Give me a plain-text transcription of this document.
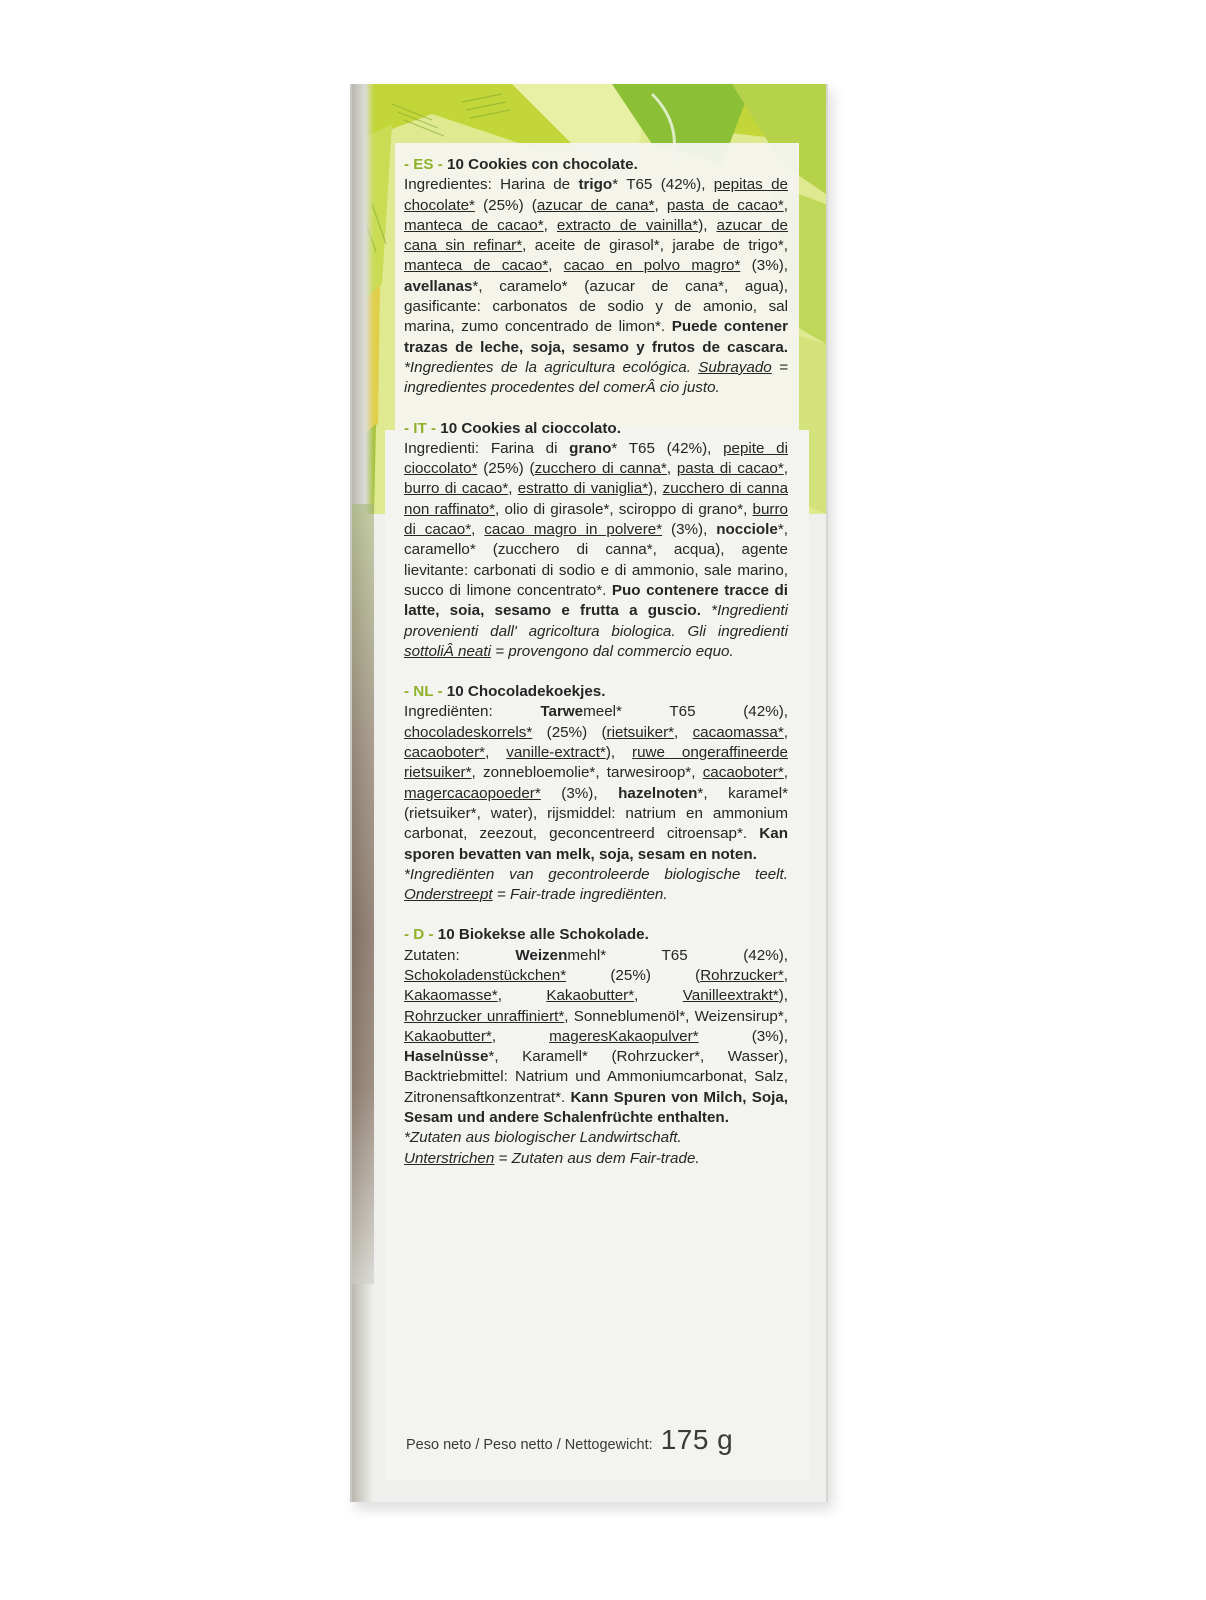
- ES - 10 Cookies con chocolate.
Ingredientes: Harina de trigo* T65 (42%), pepitas de chocolate* (25%) (azucar de cana*, pasta de cacao*, manteca de cacao*, extracto de vainilla*), azucar de cana sin refinar*, aceite de girasol*, jarabe de trigo*, manteca de cacao*, cacao en polvo magro* (3%), avellanas*, caramelo* (azucar de cana*, agua), gasificante: carbonatos de sodio y de amonio, sal marina, zumo concentrado de limon*. Puede contener trazas de leche, soja, sesamo y frutos de cascara. *Ingredientes de la agricultura ecológica. Subrayado = ingredientes procedentes del comerÂ cio justo.
- IT - 10 Cookies al cioccolato.
Ingredienti: Farina di grano* T65 (42%), pepite di cioccolato* (25%) (zucchero di canna*, pasta di cacao*, burro di cacao*, estratto di vaniglia*), zucchero di canna non raffinato*, olio di girasole*, sciroppo di grano*, burro di cacao*, cacao magro in polvere* (3%), nocciole*, caramello* (zucchero di canna*, acqua), agente lievitante: carbonati di sodio e di ammonio, sale marino, succo di limone concentrato*. Puo contenere tracce di latte, soia, sesamo e frutta a guscio. *Ingredienti provenienti dall' agricoltura biologica. Gli ingredienti sottoliÂ neati = provengono dal commercio equo.
- NL - 10 Chocoladekoekjes.
Ingrediënten: Tarwemeel* T65 (42%), chocoladeskorrels* (25%) (rietsuiker*, cacaomassa*, cacaoboter*, vanille-extract*), ruwe ongeraffineerde rietsuiker*, zonnebloemolie*, tarwesiroop*, cacaoboter*, magercacaopoeder* (3%), hazelnoten*, karamel* (rietsuiker*, water), rijsmiddel: natrium en ammonium carbonat, zeezout, geconcentreerd citroensap*. Kan sporen bevatten van melk, soja, sesam en noten.
*Ingrediënten van gecontroleerde biologische teelt. Onderstreept = Fair-trade ingrediënten.
- D - 10 Biokekse alle Schokolade.
Zutaten: Weizenmehl* T65 (42%), Schokoladenstückchen* (25%) (Rohrzucker*, Kakaomasse*, Kakaobutter*, Vanilleextrakt*), Rohrzucker unraffiniert*, Sonneblumenöl*, Weizensirup*, Kakaobutter*, mageresKakaopulver* (3%), Haselnüsse*, Karamell* (Rohrzucker*, Wasser), Backtriebmittel: Natrium und Ammoniumcarbonat, Salz, Zitronensaftkonzentrat*. Kann Spuren von Milch, Soja, Sesam und andere Schalenfrüchte enthalten.
*Zutaten aus biologischer Landwirtschaft.
Unterstrichen = Zutaten aus dem Fair-trade.
Peso neto / Peso netto / Nettogewicht: 175 g
